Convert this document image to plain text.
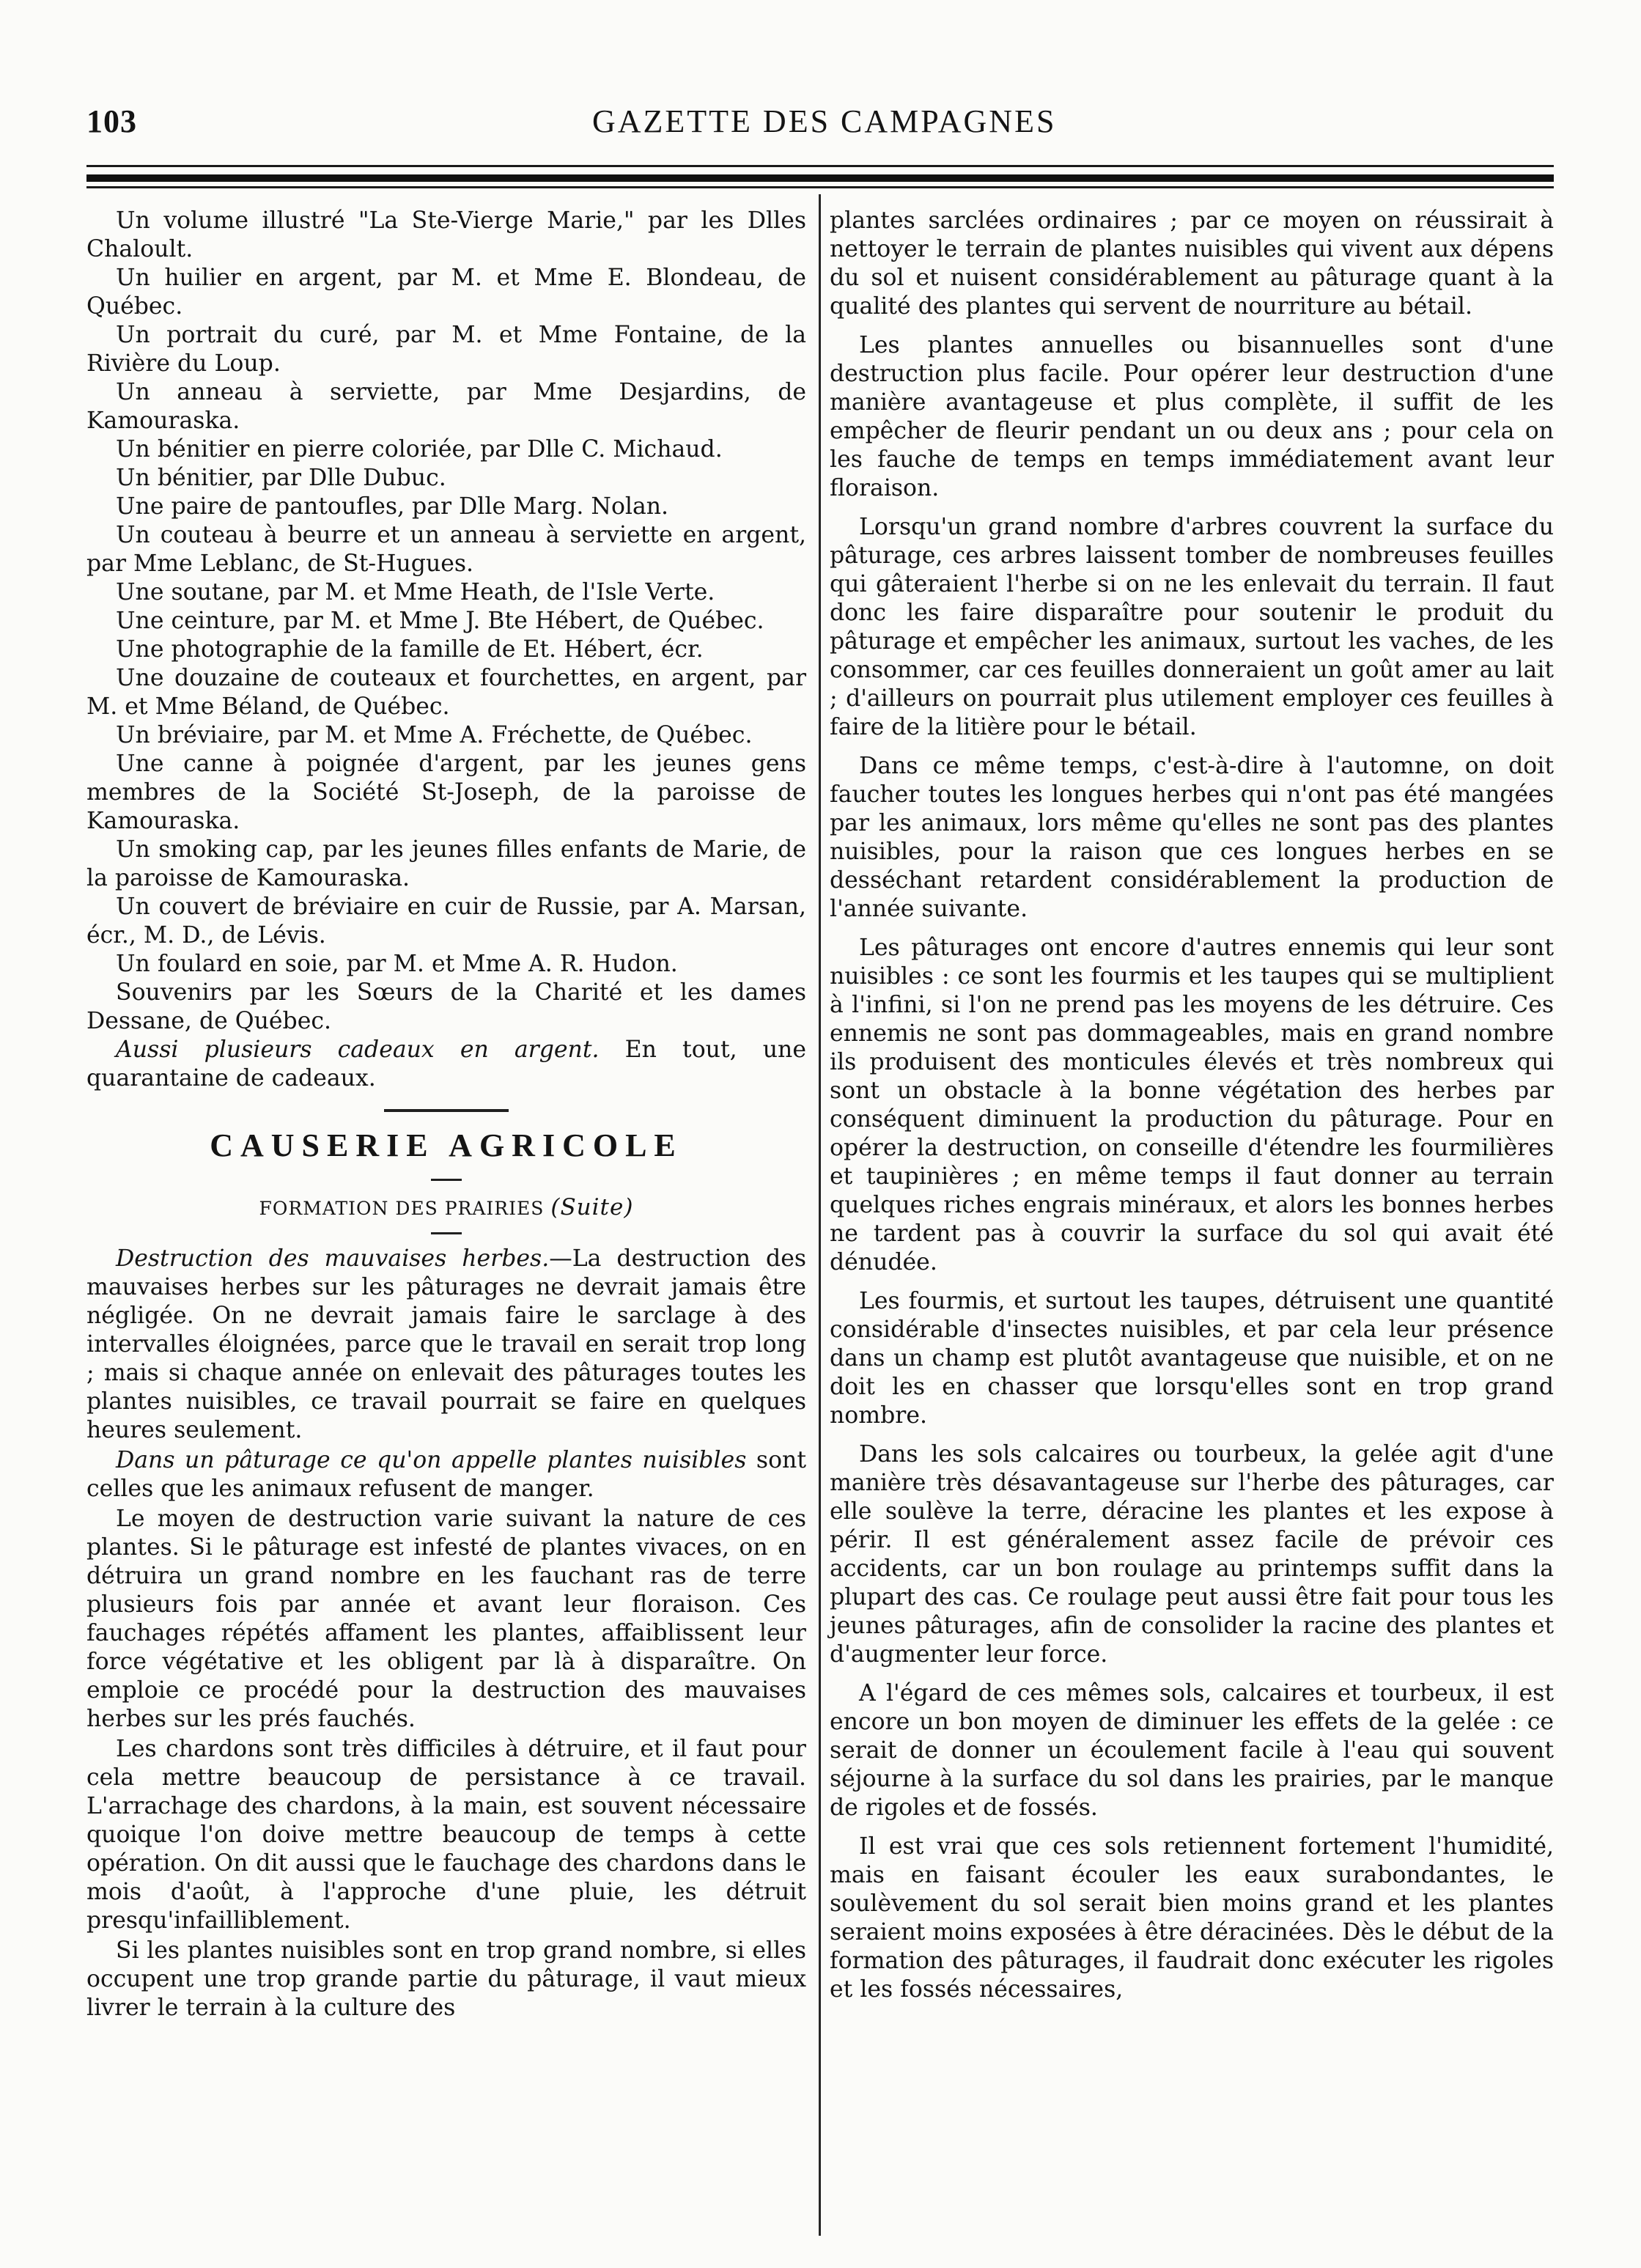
103	GAZETTE DES CAMPAGNES

Un volume illustré "La Ste-Vierge Marie," par les Dlles Chaloult.

Un huilier en argent, par M. et Mme E. Blondeau, de Québec.

Un portrait du curé, par M. et Mme Fontaine, de la Rivière du Loup.

Un anneau à serviette, par Mme Desjardins, de Kamouraska.

Un bénitier en pierre coloriée, par Dlle C. Michaud.

Un bénitier, par Dlle Dubuc.

Une paire de pantoufles, par Dlle Marg. Nolan.

Un couteau à beurre et un anneau à serviette en argent, par Mme Leblanc, de St-Hugues.

Une soutane, par M. et Mme Heath, de l'Isle Verte.

Une ceinture, par M. et Mme J. Bte Hébert, de Québec.

Une photographie de la famille de Et. Hébert, écr.

Une douzaine de couteaux et fourchettes, en argent, par M. et Mme Béland, de Québec.

Un bréviaire, par M. et Mme A. Fréchette, de Québec.

Une canne à poignée d'argent, par les jeunes gens membres de la Société St-Joseph, de la paroisse de Kamouraska.

Un smoking cap, par les jeunes filles enfants de Marie, de la paroisse de Kamouraska.

Un couvert de bréviaire en cuir de Russie, par A. Marsan, écr., M. D., de Lévis.

Un foulard en soie, par M. et Mme A. R. Hudon.

Souvenirs par les Sœurs de la Charité et les dames Dessane, de Québec.

Aussi plusieurs cadeaux en argent. En tout, une quarantaine de cadeaux.

CAUSERIE AGRICOLE
FORMATION DES PRAIRIES (Suite)

Destruction des mauvaises herbes.—La destruction des mauvaises herbes sur les pâturages ne devrait jamais être négligée. On ne devrait jamais faire le sarclage à des intervalles éloignées, parce que le travail en serait trop long ; mais si chaque année on enlevait des pâturages toutes les plantes nuisibles, ce travail pourrait se faire en quelques heures seulement.

Dans un pâturage ce qu'on appelle plantes nuisibles sont celles que les animaux refusent de manger.

Le moyen de destruction varie suivant la nature de ces plantes. Si le pâturage est infesté de plantes vivaces, on en détruira un grand nombre en les fauchant ras de terre plusieurs fois par année et avant leur floraison. Ces fauchages répétés affament les plantes, affaiblissent leur force végétative et les obligent par là à disparaître. On emploie ce procédé pour la destruction des mauvaises herbes sur les prés fauchés.

Les chardons sont très difficiles à détruire, et il faut pour cela mettre beaucoup de persistance à ce travail. L'arrachage des chardons, à la main, est souvent nécessaire quoique l'on doive mettre beaucoup de temps à cette opération. On dit aussi que le fauchage des chardons dans le mois d'août, à l'approche d'une pluie, les détruit presqu'infailliblement.

Si les plantes nuisibles sont en trop grand nombre, si elles occupent une trop grande partie du pâturage, il vaut mieux livrer le terrain à la culture des

plantes sarclées ordinaires ; par ce moyen on réussirait à nettoyer le terrain de plantes nuisibles qui vivent aux dépens du sol et nuisent considérablement au pâturage quant à la qualité des plantes qui servent de nourriture au bétail.

Les plantes annuelles ou bisannuelles sont d'une destruction plus facile. Pour opérer leur destruction d'une manière avantageuse et plus complète, il suffit de les empêcher de fleurir pendant un ou deux ans ; pour cela on les fauche de temps en temps immédiatement avant leur floraison.

Lorsqu'un grand nombre d'arbres couvrent la surface du pâturage, ces arbres laissent tomber de nombreuses feuilles qui gâteraient l'herbe si on ne les enlevait du terrain. Il faut donc les faire disparaître pour soutenir le produit du pâturage et empêcher les animaux, surtout les vaches, de les consommer, car ces feuilles donneraient un goût amer au lait ; d'ailleurs on pourrait plus utilement employer ces feuilles à faire de la litière pour le bétail.

Dans ce même temps, c'est-à-dire à l'automne, on doit faucher toutes les longues herbes qui n'ont pas été mangées par les animaux, lors même qu'elles ne sont pas des plantes nuisibles, pour la raison que ces longues herbes en se desséchant retardent considérablement la production de l'année suivante.

Les pâturages ont encore d'autres ennemis qui leur sont nuisibles : ce sont les fourmis et les taupes qui se multiplient à l'infini, si l'on ne prend pas les moyens de les détruire. Ces ennemis ne sont pas dommageables, mais en grand nombre ils produisent des monticules élevés et très nombreux qui sont un obstacle à la bonne végétation des herbes par conséquent diminuent la production du pâturage. Pour en opérer la destruction, on conseille d'étendre les fourmilières et taupinières ; en même temps il faut donner au terrain quelques riches engrais minéraux, et alors les bonnes herbes ne tardent pas à couvrir la surface du sol qui avait été dénudée.

Les fourmis, et surtout les taupes, détruisent une quantité considérable d'insectes nuisibles, et par cela leur présence dans un champ est plutôt avantageuse que nuisible, et on ne doit les en chasser que lorsqu'elles sont en trop grand nombre.

Dans les sols calcaires ou tourbeux, la gelée agit d'une manière très désavantageuse sur l'herbe des pâturages, car elle soulève la terre, déracine les plantes et les expose à périr. Il est généralement assez facile de prévoir ces accidents, car un bon roulage au printemps suffit dans la plupart des cas. Ce roulage peut aussi être fait pour tous les jeunes pâturages, afin de consolider la racine des plantes et d'augmenter leur force.

A l'égard de ces mêmes sols, calcaires et tourbeux, il est encore un bon moyen de diminuer les effets de la gelée : ce serait de donner un écoulement facile à l'eau qui souvent séjourne à la surface du sol dans les prairies, par le manque de rigoles et de fossés.

Il est vrai que ces sols retiennent fortement l'humidité, mais en faisant écouler les eaux surabondantes, le soulèvement du sol serait bien moins grand et les plantes seraient moins exposées à être déracinées. Dès le début de la formation des pâturages, il faudrait donc exécuter les rigoles et les fossés nécessaires,
